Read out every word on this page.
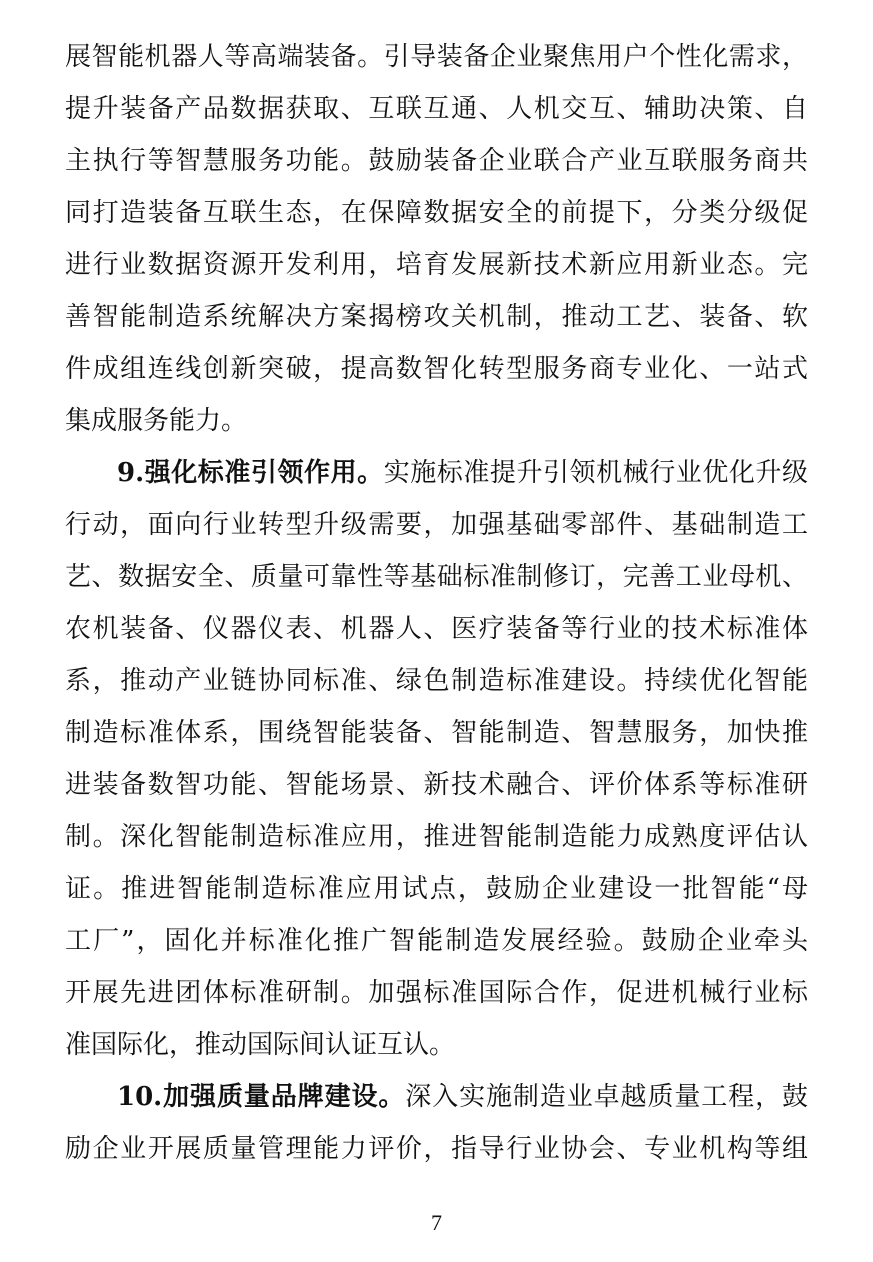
展智能机器人等高端装备。引导装备企业聚焦用户个性化需求，
提升装备产品数据获取、互联互通、人机交互、辅助决策、自
主执行等智慧服务功能。鼓励装备企业联合产业互联服务商共
同打造装备互联生态，在保障数据安全的前提下，分类分级促
进行业数据资源开发利用，培育发展新技术新应用新业态。完
善智能制造系统解决方案揭榜攻关机制，推动工艺、装备、软
件成组连线创新突破，提高数智化转型服务商专业化、一站式
集成服务能力。
9.强化标准引领作用。实施标准提升引领机械行业优化升级
行动，面向行业转型升级需要，加强基础零部件、基础制造工
艺、数据安全、质量可靠性等基础标准制修订，完善工业母机、
农机装备、仪器仪表、机器人、医疗装备等行业的技术标准体
系，推动产业链协同标准、绿色制造标准建设。持续优化智能
制造标准体系，围绕智能装备、智能制造、智慧服务，加快推
进装备数智功能、智能场景、新技术融合、评价体系等标准研
制。深化智能制造标准应用，推进智能制造能力成熟度评估认
证。推进智能制造标准应用试点，鼓励企业建设一批智能“母
工厂”，固化并标准化推广智能制造发展经验。鼓励企业牵头
开展先进团体标准研制。加强标准国际合作，促进机械行业标
准国际化，推动国际间认证互认。
10.加强质量品牌建设。深入实施制造业卓越质量工程，鼓
励企业开展质量管理能力评价，指导行业协会、专业机构等组
7
